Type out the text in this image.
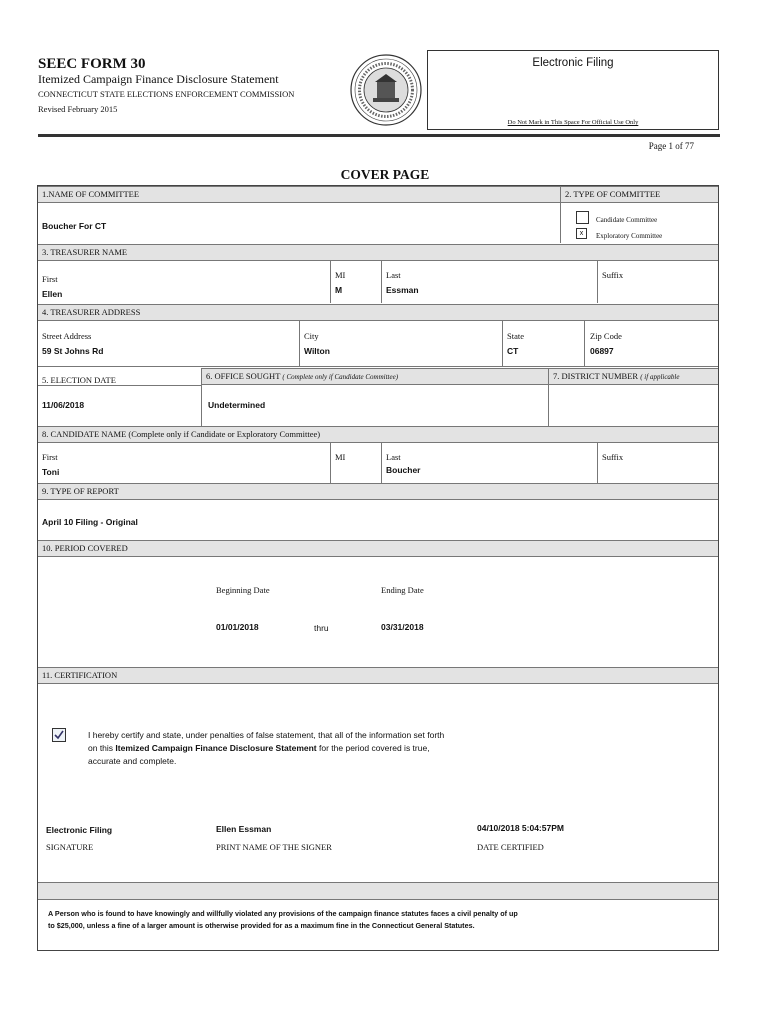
SEEC FORM 30
Itemized Campaign Finance Disclosure Statement
CONNECTICUT STATE ELECTIONS ENFORCEMENT COMMISSION
Revised February 2015
Electronic Filing
Do Not Mark in This Space For Official Use Only
Page 1 of 77
COVER PAGE
1.NAME OF COMMITTEE	2. TYPE OF COMMITTEE
Boucher For CT
Candidate Committee
x	Exploratory Committee
3. TREASURER NAME
First
Ellen
MI
M
Last
Essman
Suffix
4. TREASURER ADDRESS
Street Address
59 St Johns Rd
City
Wilton
State
CT
Zip Code
06897
5. ELECTION DATE	6. OFFICE SOUGHT ( Complete only if Candidate Committee)	7. DISTRICT NUMBER ( if applicable
11/06/2018	Undetermined
8. CANDIDATE NAME (Complete only if Candidate or Exploratory Committee)
First
Toni
MI	Last
Boucher
Suffix
9. TYPE OF REPORT
April 10 Filing - Original
10. PERIOD COVERED
Beginning Date	Ending Date
01/01/2018	thru	03/31/2018
11. CERTIFICATION
I hereby certify and state, under penalties of false statement, that all of the information set forth
on this Itemized Campaign Finance Disclosure Statement for the period covered is true,
accurate and complete.
Electronic Filing	Ellen Essman	04/10/2018 5:04:57PM
SIGNATURE	PRINT NAME OF THE SIGNER	DATE CERTIFIED
A Person who is found to have knowingly and willfully violated any provisions of the campaign finance statutes faces a civil penalty of up
to $25,000, unless a fine of a larger amount is otherwise provided for as a maximum fine in the Connecticut General Statutes.
